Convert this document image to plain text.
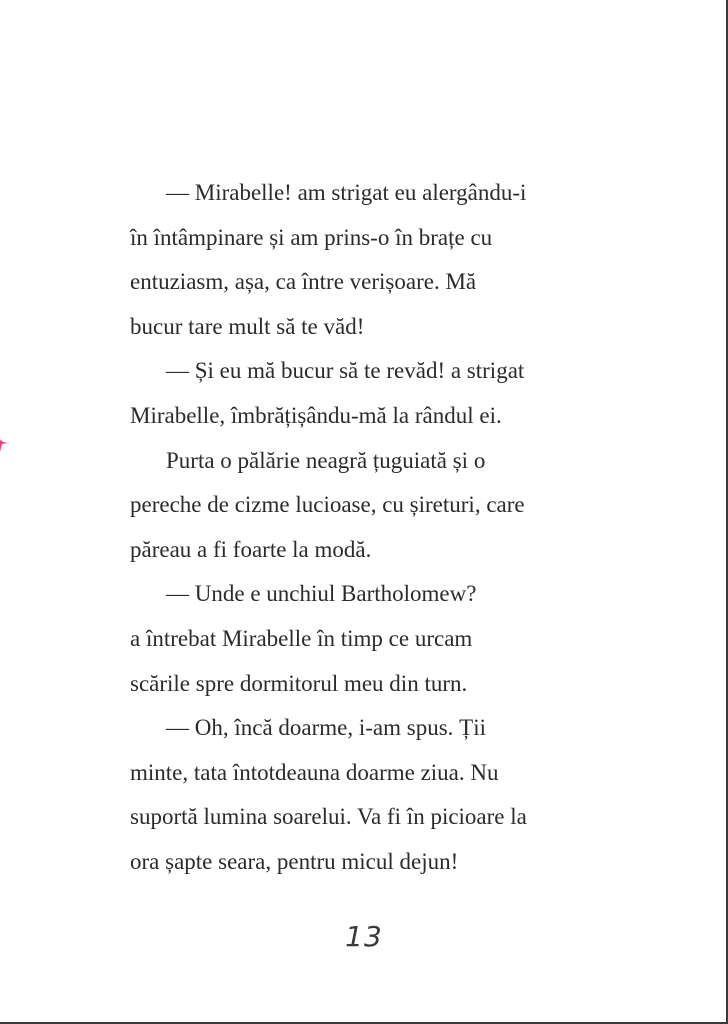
— Mirabelle! am strigat eu alergându-i
în întâmpinare și am prins-o în brațe cu
entuziasm, așa, ca între verișoare. Mă
bucur tare mult să te văd!
— Și eu mă bucur să te revăd! a strigat
Mirabelle, îmbrățișându-mă la rândul ei.
Purta o pălărie neagră țuguiată și o
pereche de cizme lucioase, cu șireturi, care
păreau a fi foarte la modă.
— Unde e unchiul Bartholomew?
a întrebat Mirabelle în timp ce urcam
scările spre dormitorul meu din turn.
— Oh, încă doarme, i-am spus. Ții
minte, tata întotdeauna doarme ziua. Nu
suportă lumina soarelui. Va fi în picioare la
ora șapte seara, pentru micul dejun!
13
